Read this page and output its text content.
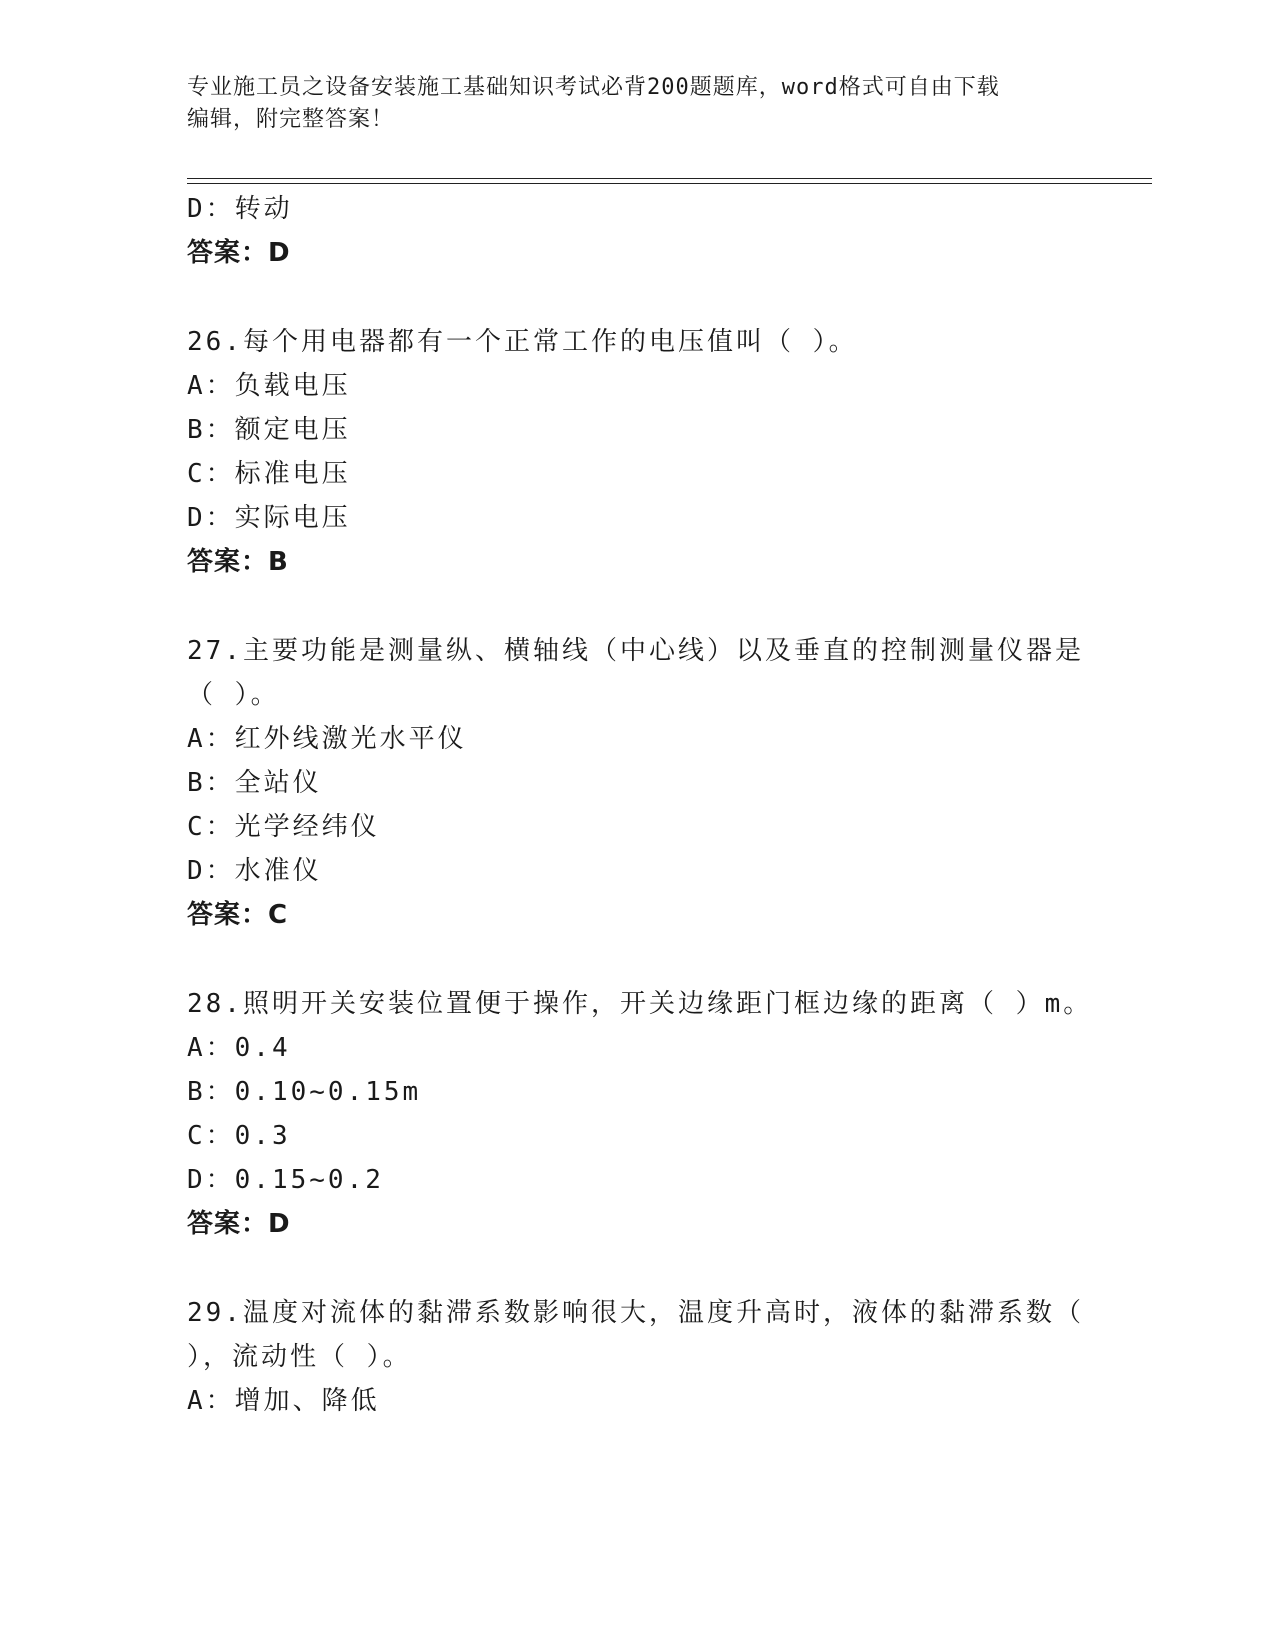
专业施工员之设备安装施工基础知识考试必背200题题库，word格式可自由下载
编辑，附完整答案！
D：转动
答案：D
26.每个用电器都有一个正常工作的电压值叫（ ）。
A：负载电压
B：额定电压
C：标准电压
D：实际电压
答案：B
27.主要功能是测量纵、横轴线（中心线）以及垂直的控制测量仪器是
（ ）。
A：红外线激光水平仪
B：全站仪
C：光学经纬仪
D：水准仪
答案：C
28.照明开关安装位置便于操作，开关边缘距门框边缘的距离（ ）m。
A：0.4
B：0.10~0.15m
C：0.3
D：0.15~0.2
答案：D
29.温度对流体的黏滞系数影响很大，温度升高时，液体的黏滞系数（
），流动性（ ）。
A：增加、降低
